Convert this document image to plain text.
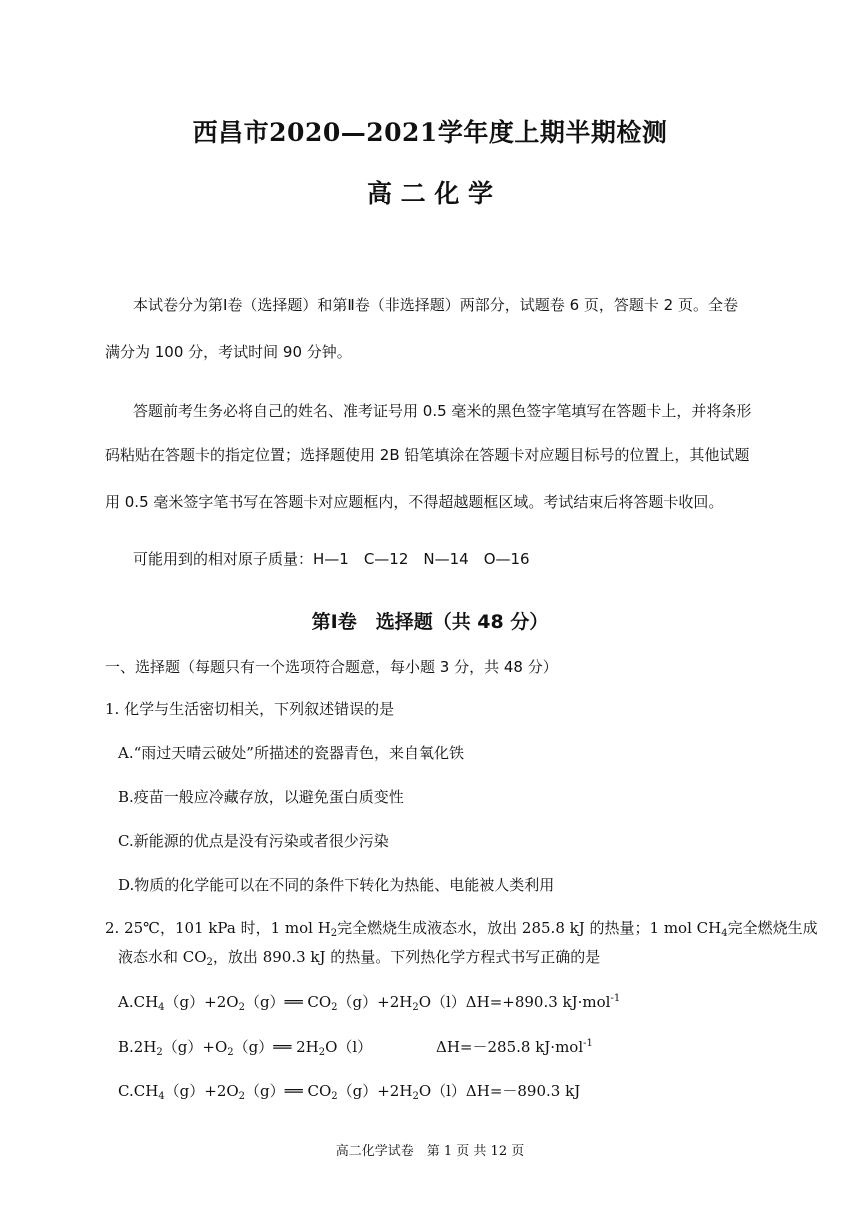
西昌市2020—2021学年度上期半期检测
高 二 化 学
本试卷分为第Ⅰ卷（选择题）和第Ⅱ卷（非选择题）两部分，试题卷 6 页，答题卡 2 页。全卷
满分为 100 分，考试时间 90 分钟。
答题前考生务必将自己的姓名、准考证号用 0.5 毫米的黑色签字笔填写在答题卡上，并将条形
码粘贴在答题卡的指定位置；选择题使用 2B 铅笔填涂在答题卡对应题目标号的位置上，其他试题
用 0.5 毫米签字笔书写在答题卡对应题框内，不得超越题框区域。考试结束后将答题卡收回。
可能用到的相对原子质量：H—1　C—12　N—14　O—16
第Ⅰ卷　选择题（共 48 分）
一、选择题（每题只有一个选项符合题意，每小题 3 分，共 48 分）
1. 化学与生活密切相关，下列叙述错误的是
A.“雨过天晴云破处”所描述的瓷器青色，来自氧化铁
B.疫苗一般应冷藏存放，以避免蛋白质变性
C.新能源的优点是没有污染或者很少污染
D.物质的化学能可以在不同的条件下转化为热能、电能被人类利用
2. 25℃，101 kPa 时，1 mol $H_2$完全燃烧生成液态水，放出 285.8 kJ 的热量；1 mol $CH_4$完全燃烧生成
液态水和 $CO_2$，放出 890.3 kJ 的热量。下列热化学方程式书写正确的是
$A.CH_4(g)+2O_2(g)══$ $CO_2(g)+2H_2O(l)\Delta H=+890.3$ kJ·mol$^{-1}$
$B.2H_2(g)+O_2(g)══$ $2H_2O(l)$	ΔH=－285.8 kJ·mol$^{-1}$
$C.CH_4(g)+2O_2(g)══$ $CO_2(g)+2H_2O(l)\Delta H=-890.3$ kJ
高二化学试卷　第 1 页 共 12 页
